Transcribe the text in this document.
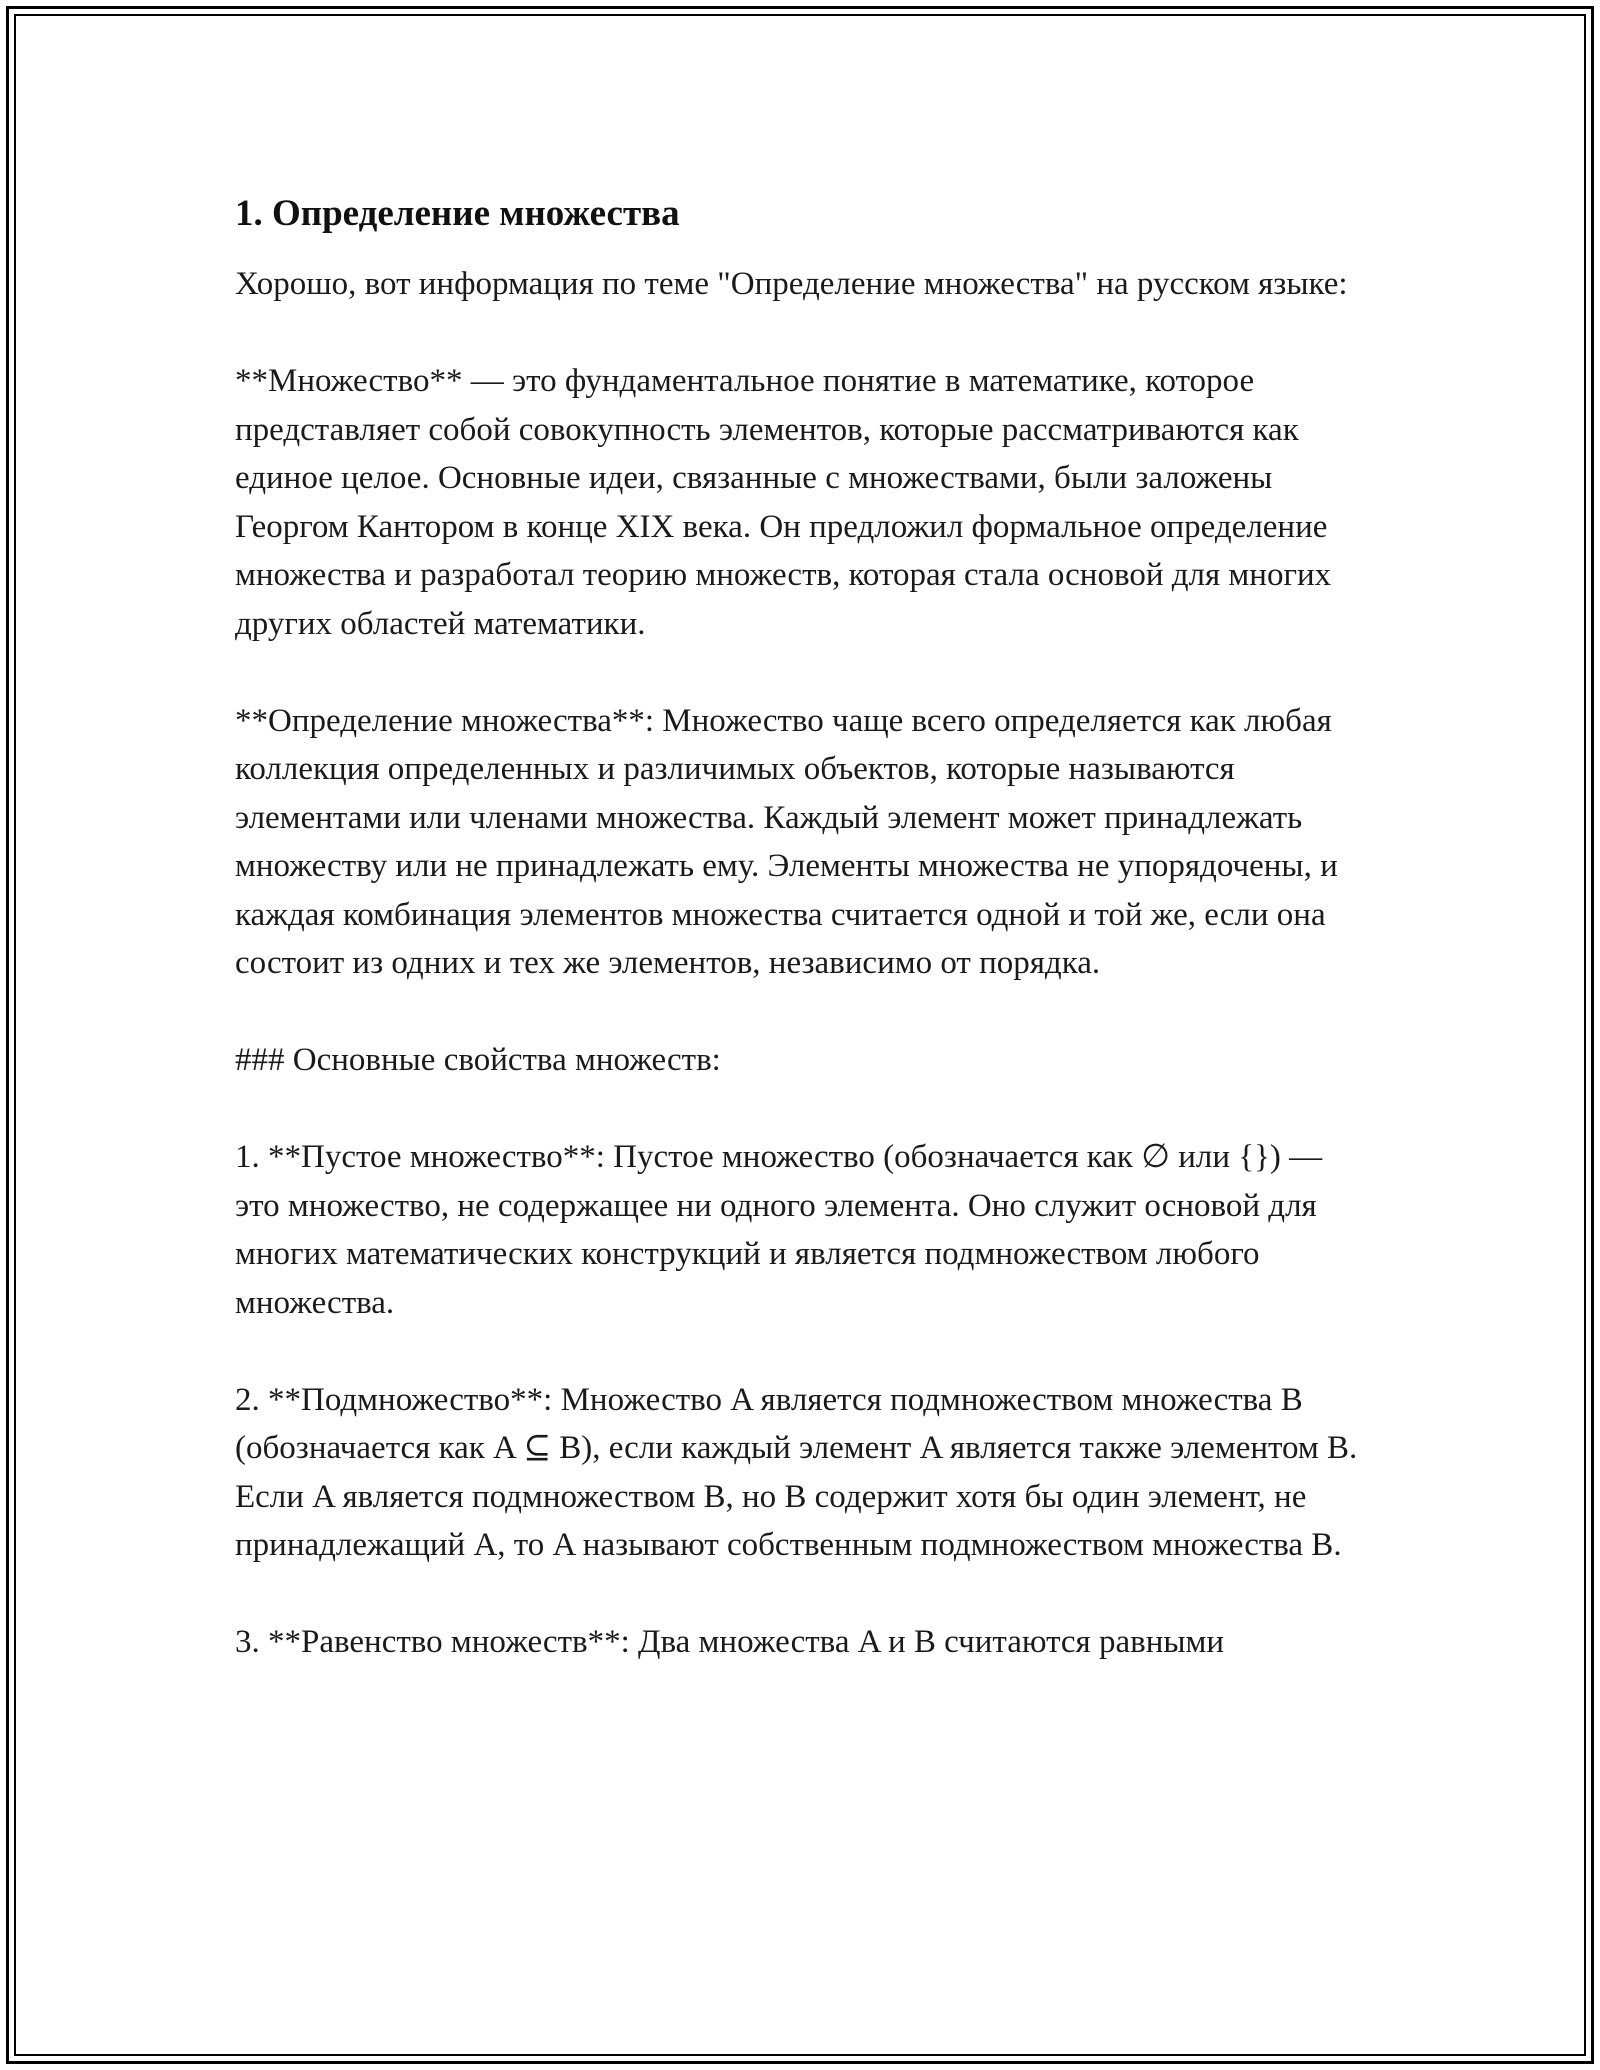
1. Определение множества

Хорошо, вот информация по теме "Определение множества" на русском языке:

**Множество** — это фундаментальное понятие в математике, которое представляет собой совокупность элементов, которые рассматриваются как единое целое. Основные идеи, связанные с множествами, были заложены Георгом Кантором в конце XIX века. Он предложил формальное определение множества и разработал теорию множеств, которая стала основой для многих других областей математики.

**Определение множества**: Множество чаще всего определяется как любая коллекция определенных и различимых объектов, которые называются элементами или членами множества. Каждый элемент может принадлежать множеству или не принадлежать ему. Элементы множества не упорядочены, и каждая комбинация элементов множества считается одной и той же, если она состоит из одних и тех же элементов, независимо от порядка.

### Основные свойства множеств:

1. **Пустое множество**: Пустое множество (обозначается как ∅ или {}) — это множество, не содержащее ни одного элемента. Оно служит основой для многих математических конструкций и является подмножеством любого множества.

2. **Подмножество**: Множество A является подмножеством множества B (обозначается как A ⊆ B), если каждый элемент A является также элементом B. Если A является подмножеством B, но B содержит хотя бы один элемент, не принадлежащий A, то A называют собственным подмножеством множества B.

3. **Равенство множеств**: Два множества A и B считаются равными
